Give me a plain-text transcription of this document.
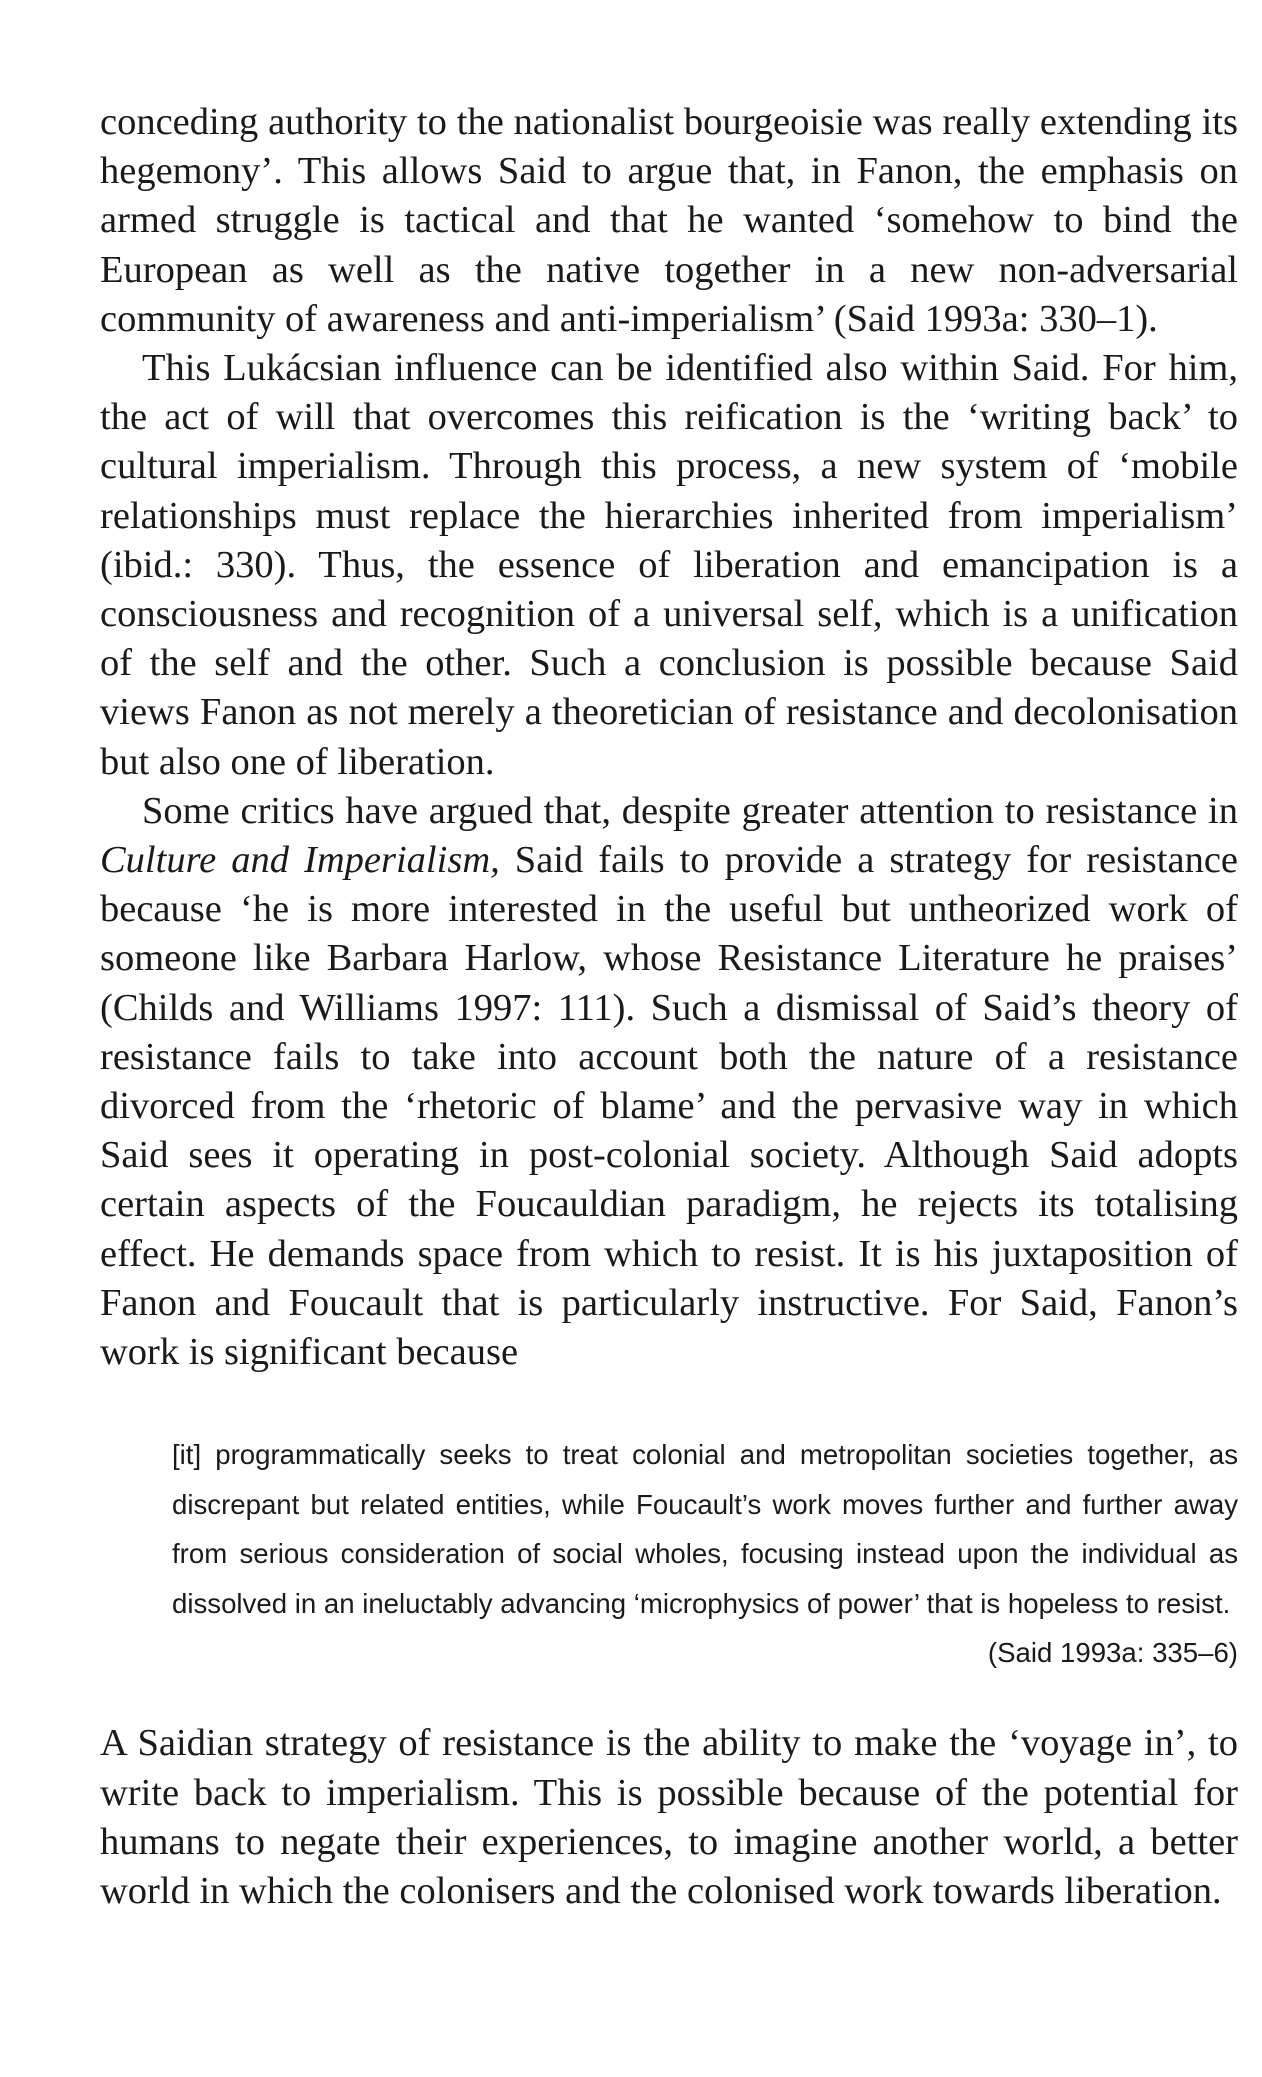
conceding authority to the nationalist bourgeoisie was really extending its hegemony’. This allows Said to argue that, in Fanon, the emphasis on armed struggle is tactical and that he wanted ‘somehow to bind the European as well as the native together in a new non-adversarial community of awareness and anti-imperialism’ (Said 1993a: 330–1).

This Lukácsian influence can be identified also within Said. For him, the act of will that overcomes this reification is the ‘writing back’ to cultural imperialism. Through this process, a new system of ‘mobile relationships must replace the hierarchies inherited from imperialism’ (ibid.: 330). Thus, the essence of liberation and emancipation is a consciousness and recognition of a universal self, which is a unification of the self and the other. Such a conclusion is possible because Said views Fanon as not merely a theoretician of resistance and decolonisation but also one of liberation.

Some critics have argued that, despite greater attention to resistance in Culture and Imperialism, Said fails to provide a strategy for resistance because ‘he is more interested in the useful but untheorized work of someone like Barbara Harlow, whose Resistance Literature he praises’ (Childs and Williams 1997: 111). Such a dismissal of Said’s theory of resistance fails to take into account both the nature of a resistance divorced from the ‘rhetoric of blame’ and the pervasive way in which Said sees it operating in post-colonial society. Although Said adopts certain aspects of the Foucauldian paradigm, he rejects its totalising effect. He demands space from which to resist. It is his juxtaposition of Fanon and Foucault that is particularly instructive. For Said, Fanon’s work is significant because

[it] programmatically seeks to treat colonial and metropolitan societies together, as discrepant but related entities, while Foucault’s work moves further and further away from serious consideration of social wholes, focusing instead upon the individual as dissolved in an ineluctably advancing ‘microphysics of power’ that is hopeless to resist.

(Said 1993a: 335–6)

A Saidian strategy of resistance is the ability to make the ‘voyage in’, to write back to imperialism. This is possible because of the potential for humans to negate their experiences, to imagine another world, a better world in which the colonisers and the colonised work towards liberation.
